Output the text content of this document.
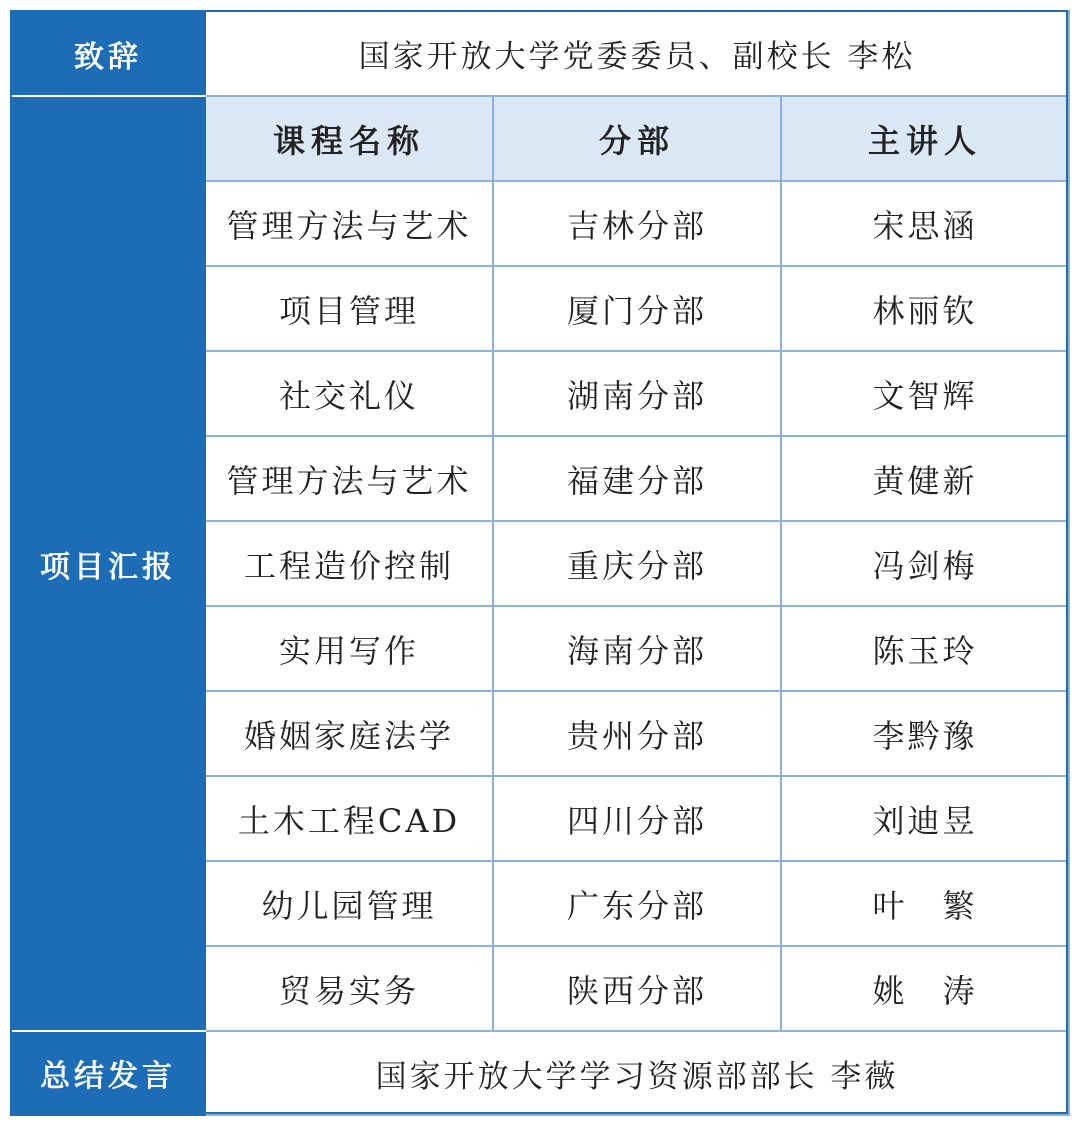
致辞	国家开放大学党委委员、副校长 李松		
项目汇报	课程名称	分部	主讲人
	管理方法与艺术	吉林分部	宋思涵
	项目管理	厦门分部	林丽钦
	社交礼仪	湖南分部	文智辉
	管理方法与艺术	福建分部	黄健新
	工程造价控制	重庆分部	冯剑梅
	实用写作	海南分部	陈玉玲
	婚姻家庭法学	贵州分部	李黔豫
	土木工程CAD	四川分部	刘迪昱
	幼儿园管理	广东分部	叶　繁
	贸易实务	陕西分部	姚　涛
总结发言	国家开放大学学习资源部部长 李薇		
